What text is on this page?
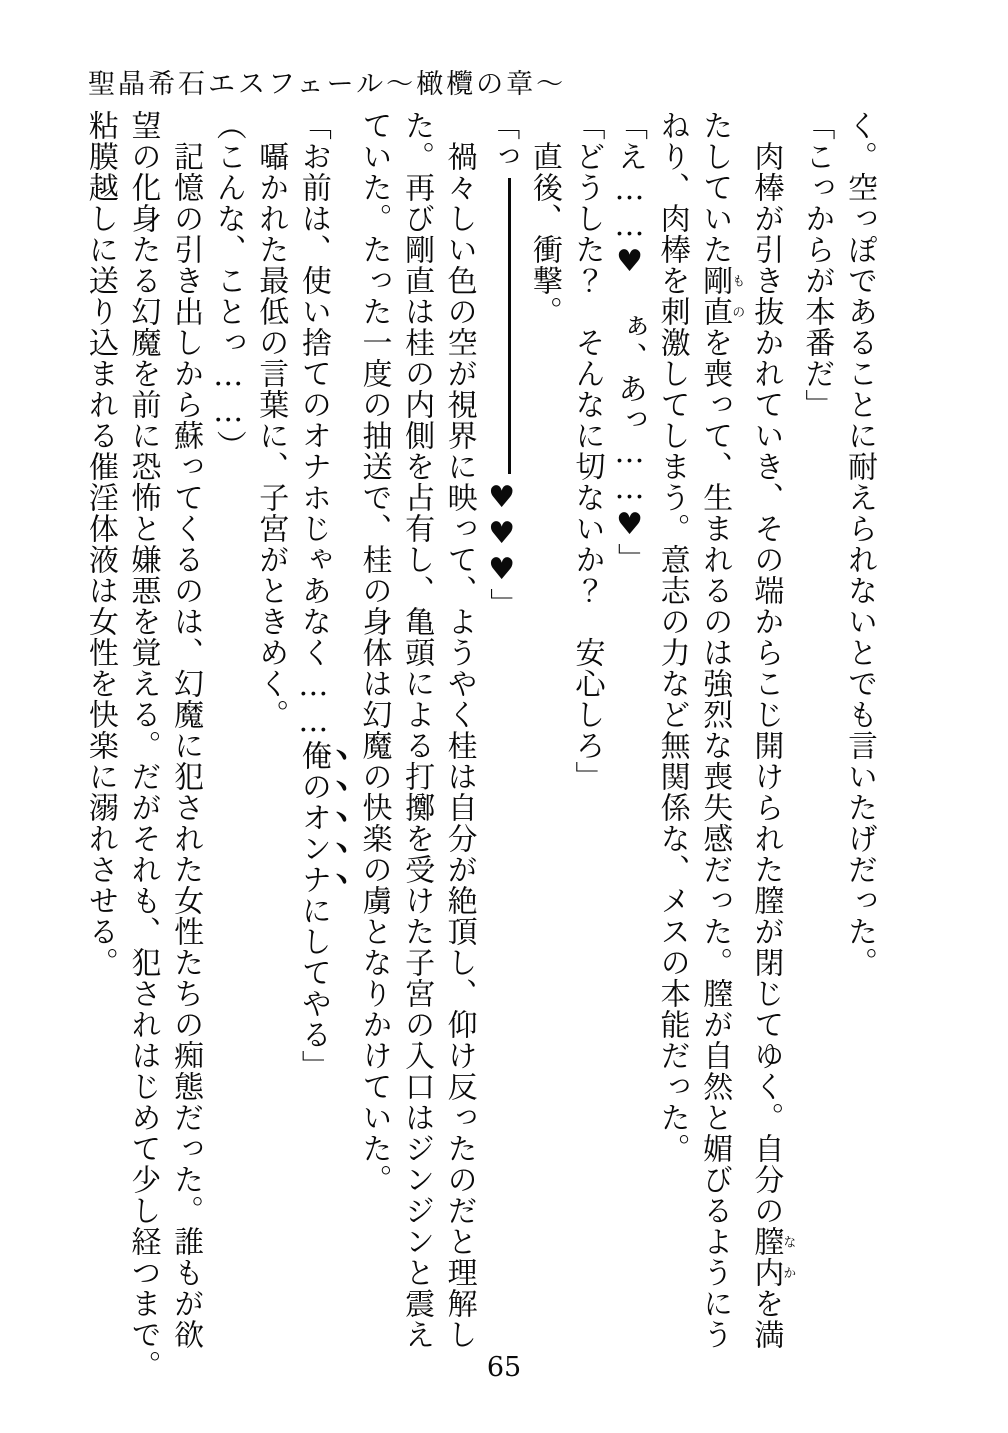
聖晶希石エスフェール～橄欖の章～
く。空っぽであることに耐えられないとでも言いたげだった。
「こっからが本番だ」
　肉棒が引き抜かれていき、その端からこじ開けられた膣が閉じてゆく。自分の膣内なかを満
たしていた剛直ものを喪って、生まれるのは強烈な喪失感だった。膣が自然と媚びるようにう
ねり、肉棒を刺激してしまう。意志の力など無関係な、メスの本能だった。
「え……♥　ぁ、あっ……♥」
「どうした？　そんなに切ないか？　安心しろ」
　直後、衝撃。
「っ♥♥♥」
　禍々しい色の空が視界に映って、ようやく桂は自分が絶頂し、仰け反ったのだと理解し
た。再び剛直は桂の内側を占有し、亀頭による打擲を受けた子宮の入口はジンジンと震え
ていた。たった一度の抽送で、桂の身体は幻魔の快楽の虜となりかけていた。
「お前は、使い捨てのオナホじゃあなく……俺のオンナにしてやる」
　囁かれた最低の言葉に、子宮がときめく。
（こんな、ことっ……）
　記憶の引き出しから蘇ってくるのは、幻魔に犯された女性たちの痴態だった。誰もが欲
望の化身たる幻魔を前に恐怖と嫌悪を覚える。だがそれも、犯されはじめて少し経つまで。
粘膜越しに送り込まれる催淫体液は女性を快楽に溺れさせる。
65
